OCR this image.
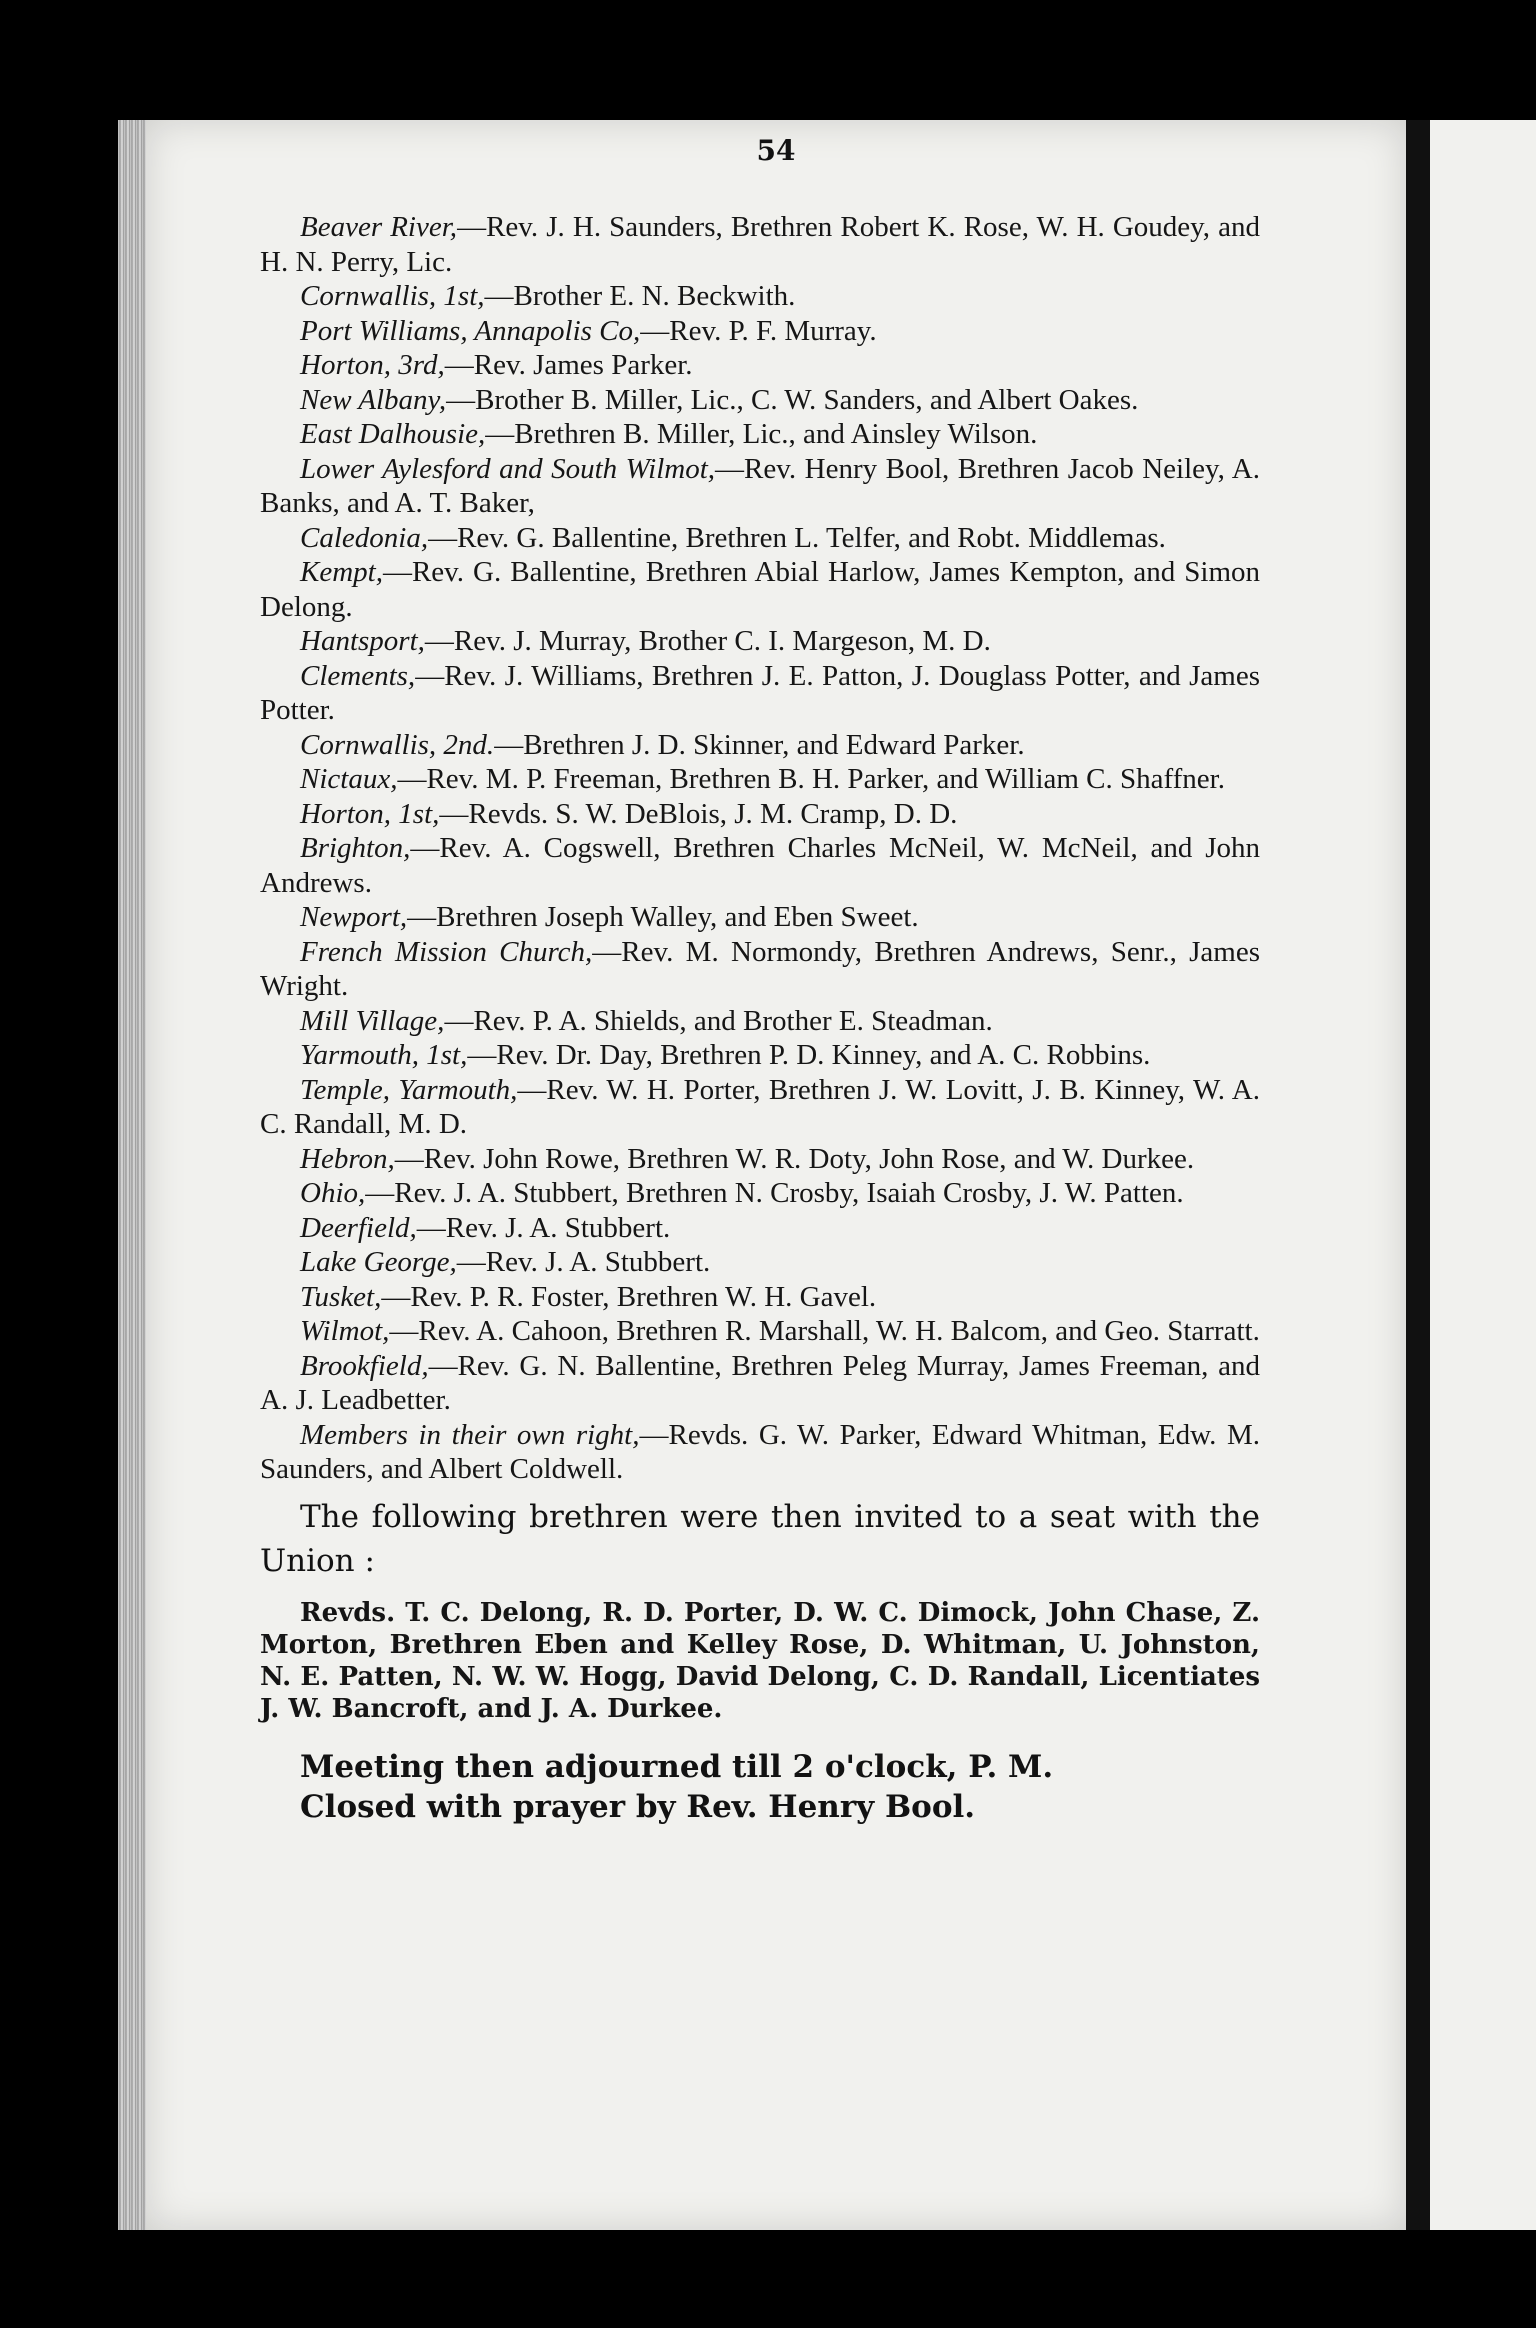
54

Beaver River,—Rev. J. H. Saunders, Brethren Robert K. Rose, W. H. Goudey, and H. N. Perry, Lic.

Cornwallis, 1st,—Brother E. N. Beckwith.

Port Williams, Annapolis Co,—Rev. P. F. Murray.

Horton, 3rd,—Rev. James Parker.

New Albany,—Brother B. Miller, Lic., C. W. Sanders, and Albert Oakes.

East Dalhousie,—Brethren B. Miller, Lic., and Ainsley Wilson.

Lower Aylesford and South Wilmot,—Rev. Henry Bool, Brethren Jacob Neiley, A. Banks, and A. T. Baker,

Caledonia,—Rev. G. Ballentine, Brethren L. Telfer, and Robt. Middlemas.

Kempt,—Rev. G. Ballentine, Brethren Abial Harlow, James Kempton, and Simon Delong.

Hantsport,—Rev. J. Murray, Brother C. I. Margeson, M. D.

Clements,—Rev. J. Williams, Brethren J. E. Patton, J. Douglass Potter, and James Potter.

Cornwallis, 2nd.—Brethren J. D. Skinner, and Edward Parker.

Nictaux,—Rev. M. P. Freeman, Brethren B. H. Parker, and William C. Shaffner.

Horton, 1st,—Revds. S. W. DeBlois, J. M. Cramp, D. D.

Brighton,—Rev. A. Cogswell, Brethren Charles McNeil, W. McNeil, and John Andrews.

Newport,—Brethren Joseph Walley, and Eben Sweet.

French Mission Church,—Rev. M. Normondy, Brethren Andrews, Senr., James Wright.

Mill Village,—Rev. P. A. Shields, and Brother E. Steadman.

Yarmouth, 1st,—Rev. Dr. Day, Brethren P. D. Kinney, and A. C. Robbins.

Temple, Yarmouth,—Rev. W. H. Porter, Brethren J. W. Lovitt, J. B. Kinney, W. A. C. Randall, M. D.

Hebron,—Rev. John Rowe, Brethren W. R. Doty, John Rose, and W. Durkee.

Ohio,—Rev. J. A. Stubbert, Brethren N. Crosby, Isaiah Crosby, J. W. Patten.

Deerfield,—Rev. J. A. Stubbert.

Lake George,—Rev. J. A. Stubbert.

Tusket,—Rev. P. R. Foster, Brethren W. H. Gavel.

Wilmot,—Rev. A. Cahoon, Brethren R. Marshall, W. H. Balcom, and Geo. Starratt.

Brookfield,—Rev. G. N. Ballentine, Brethren Peleg Murray, James Freeman, and A. J. Leadbetter.

Members in their own right,—Revds. G. W. Parker, Edward Whitman, Edw. M. Saunders, and Albert Coldwell.

The following brethren were then invited to a seat with the Union :

Revds. T. C. Delong, R. D. Porter, D. W. C. Dimock, John Chase, Z. Morton, Brethren Eben and Kelley Rose, D. Whitman, U. Johnston, N. E. Patten, N. W. W. Hogg, David Delong, C. D. Randall, Licentiates J. W. Bancroft, and J. A. Durkee.

Meeting then adjourned till 2 o'clock, P. M.
Closed with prayer by Rev. Henry Bool.
